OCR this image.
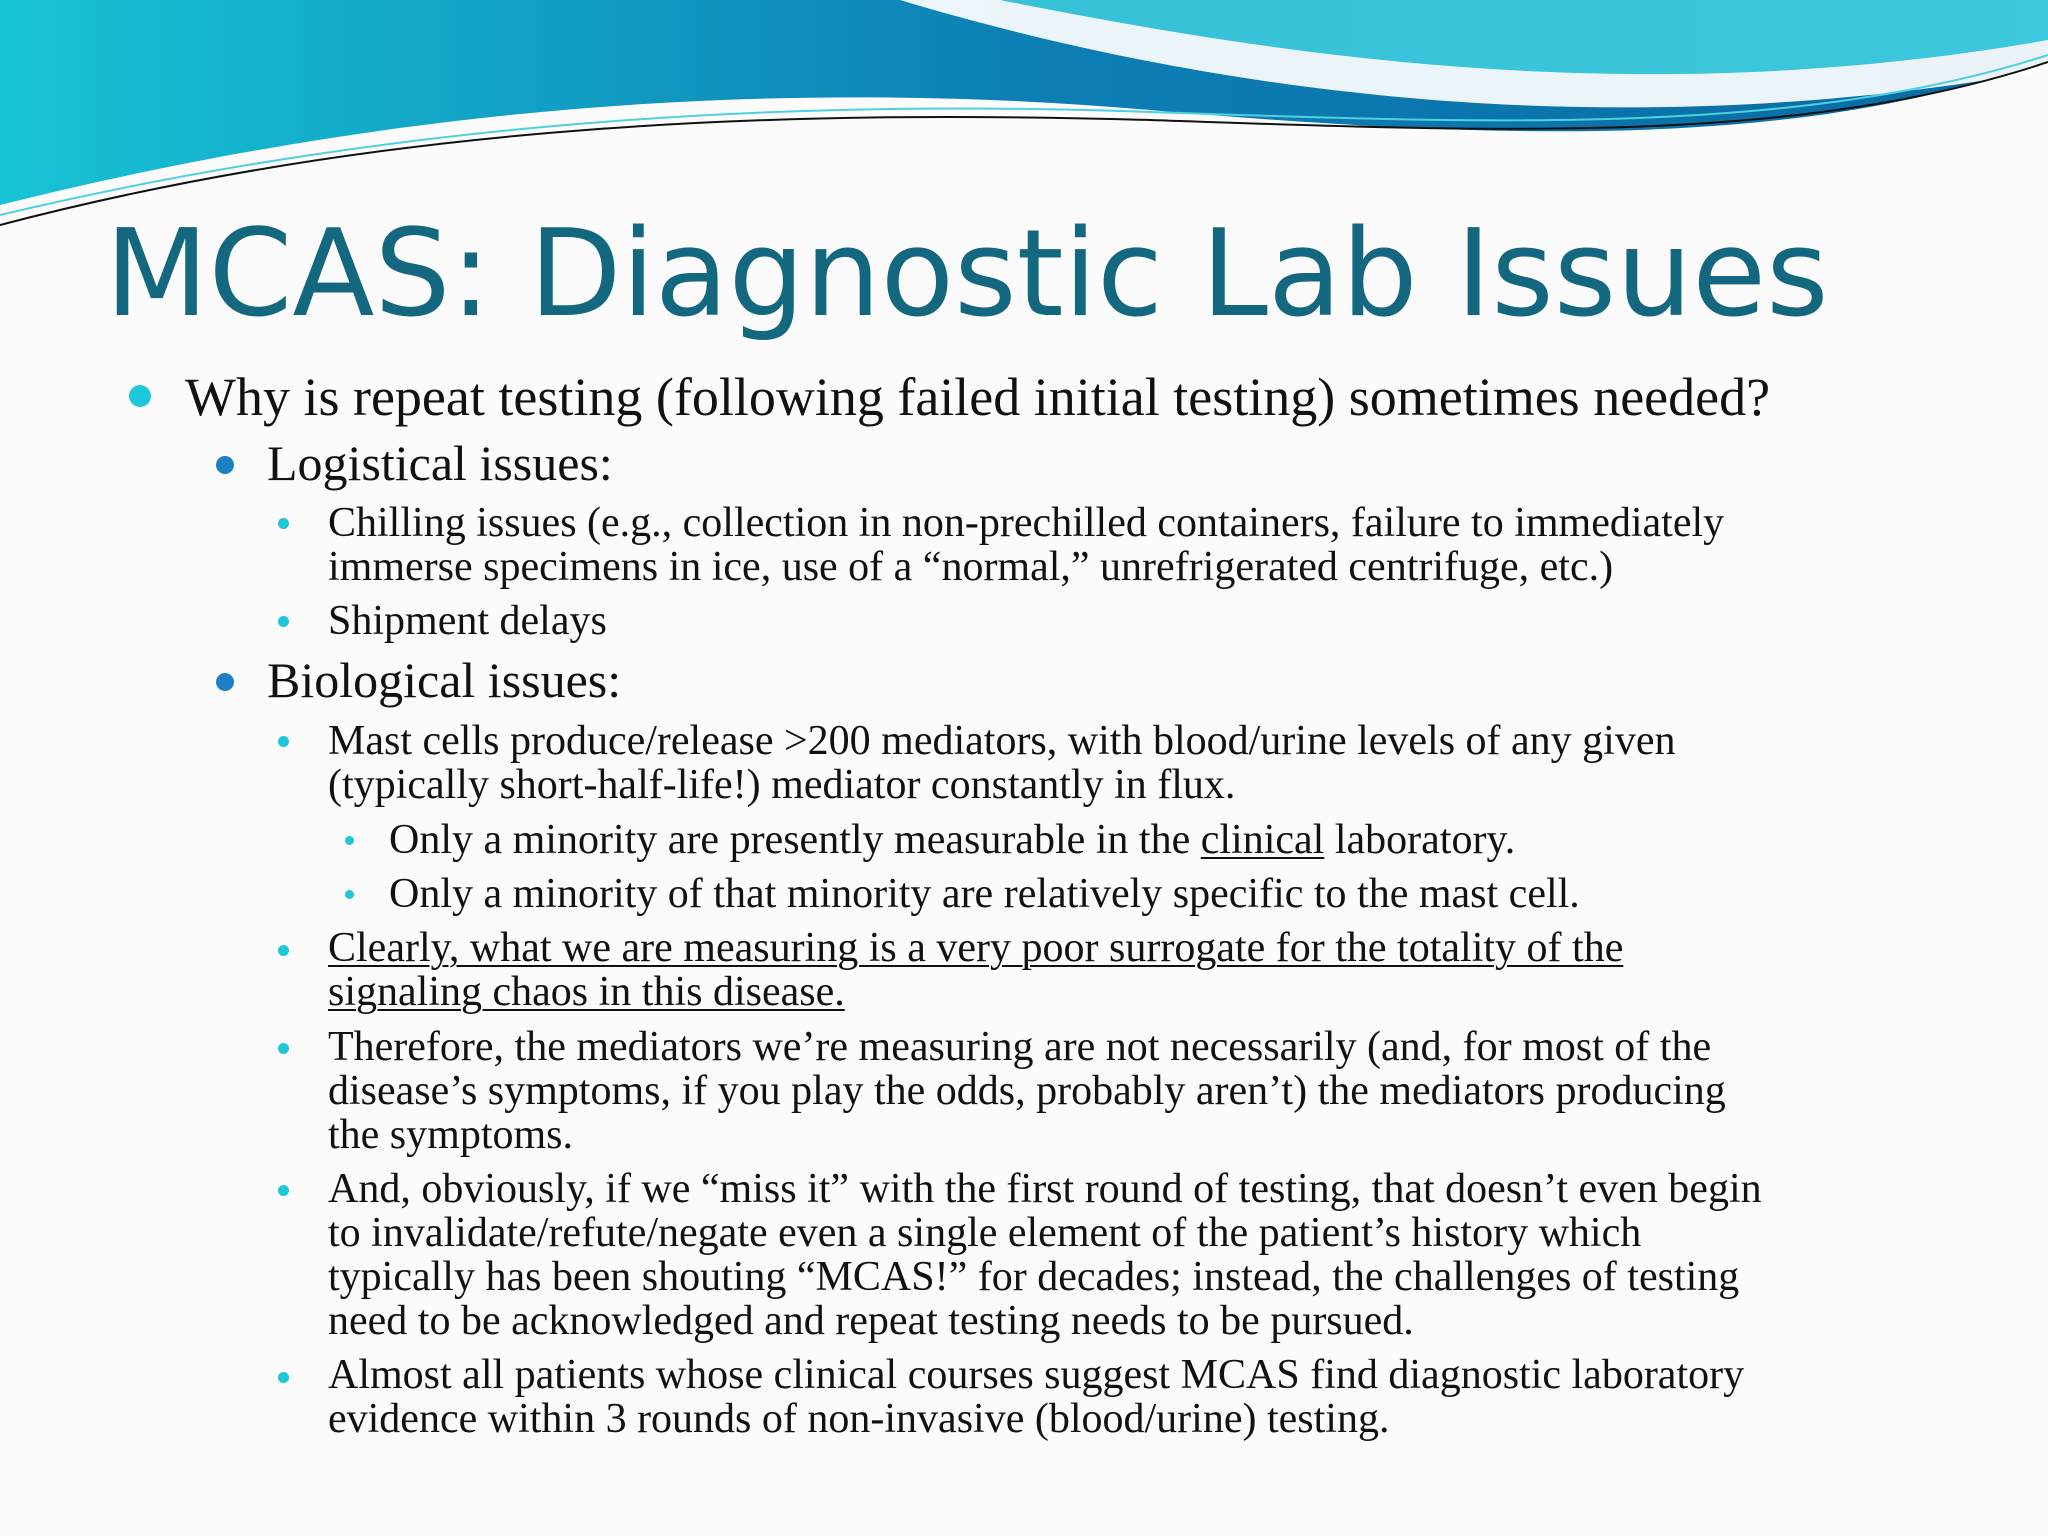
MCAS: Diagnostic Lab Issues
Why is repeat testing (following failed initial testing) sometimes needed?
Logistical issues:
Chilling issues (e.g., collection in non-prechilled containers, failure to immediately
immerse specimens in ice, use of a “normal,” unrefrigerated centrifuge, etc.)
Shipment delays
Biological issues:
Mast cells produce/release >200 mediators, with blood/urine levels of any given
(typically short-half-life!) mediator constantly in flux.
Only a minority are presently measurable in the clinical laboratory.
Only a minority of that minority are relatively specific to the mast cell.
Clearly, what we are measuring is a very poor surrogate for the totality of the
signaling chaos in this disease.
Therefore, the mediators we’re measuring are not necessarily (and, for most of the
disease’s symptoms, if you play the odds, probably aren’t) the mediators producing
the symptoms.
And, obviously, if we “miss it” with the first round of testing, that doesn’t even begin
to invalidate/refute/negate even a single element of the patient’s history which
typically has been shouting “MCAS!” for decades; instead, the challenges of testing
need to be acknowledged and repeat testing needs to be pursued.
Almost all patients whose clinical courses suggest MCAS find diagnostic laboratory
evidence within 3 rounds of non-invasive (blood/urine) testing.
